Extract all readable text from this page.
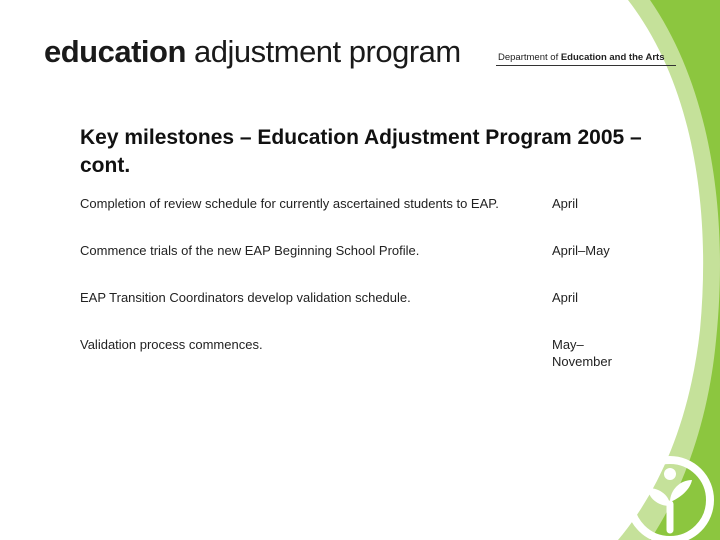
education adjustment program	Department of Education and the Arts
Key milestones – Education Adjustment Program 2005 – cont.
Completion of review schedule for currently ascertained students to EAP.	April
Commence trials of the new EAP Beginning School Profile.	April–May
EAP Transition Coordinators develop validation schedule.	April
Validation process commences.	May– November
